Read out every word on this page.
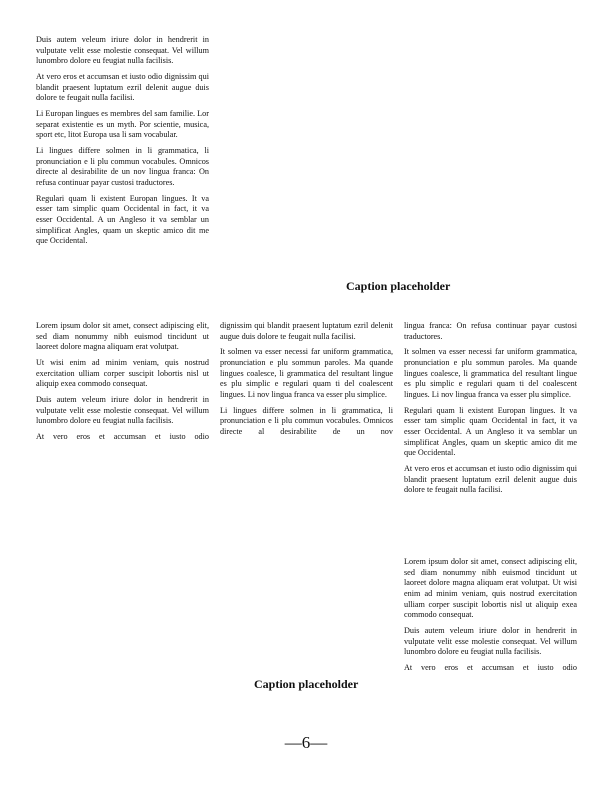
Duis autem veleum iriure dolor in hendrerit in vulputate velit esse molestie consequat. Vel willum lunombro dolore eu feugiat nulla facilisis.

At vero eros et accumsan et iusto odio dignissim qui blandit praesent luptatum ezril delenit augue duis dolore te feugait nulla facilisi.

Li Europan lingues es membres del sam familie. Lor separat existentie es un myth. Por scientie, musica, sport etc, litot Europa usa li sam vocabular.

Li lingues differe solmen in li grammatica, li pronunciation e li plu commun vocabules. Omnicos directe al desirabilite de un nov lingua franca: On refusa continuar payar custosi traductores.

Regulari quam li existent Europan lingues. It va esser tam simplic quam Occidental in fact, it va esser Occidental. A un Angleso it va semblar un simplificat Angles, quam un skeptic amico dit me que Occidental.

Caption placeholder

Lorem ipsum dolor sit amet, consect adipiscing elit, sed diam nonummy nibh euismod tincidunt ut laoreet dolore magna aliquam erat volutpat.

Ut wisi enim ad minim veniam, quis nostrud exercitation ulliam corper suscipit lobortis nisl ut aliquip exea commodo consequat.

Duis autem veleum iriure dolor in hendrerit in vulputate velit esse molestie consequat. Vel willum lunombro dolore eu feugiat nulla facilisis.

At vero eros et accumsan et iusto odio

dignissim qui blandit praesent luptatum ezril delenit augue duis dolore te feugait nulla facilisi.

It solmen va esser necessi far uniform grammatica, pronunciation e plu sommun paroles. Ma quande lingues coalesce, li grammatica del resultant lingue es plu simplic e regulari quam ti del coalescent lingues. Li nov lingua franca va esser plu simplice.

Li lingues differe solmen in li grammatica, li pronunciation e li plu commun vocabules. Omnicos directe al desirabilite de un nov

lingua franca: On refusa continuar payar custosi traductores.

It solmen va esser necessi far uniform grammatica, pronunciation e plu sommun paroles. Ma quande lingues coalesce, li grammatica del resultant lingue es plu simplic e regulari quam ti del coalescent lingues. Li nov lingua franca va esser plu simplice.

Regulari quam li existent Europan lingues. It va esser tam simplic quam Occidental in fact, it va esser Occidental. A un Angleso it va semblar un simplificat Angles, quam un skeptic amico dit me que Occidental.

At vero eros et accumsan et iusto odio dignissim qui blandit praesent luptatum ezril delenit augue duis dolore te feugait nulla facilisi.

Lorem ipsum dolor sit amet, consect adipiscing elit, sed diam nonummy nibh euismod tincidunt ut laoreet dolore magna aliquam erat volutpat. Ut wisi enim ad minim veniam, quis nostrud exercitation ulliam corper suscipit lobortis nisl ut aliquip exea commodo consequat.

Duis autem veleum iriure dolor in hendrerit in vulputate velit esse molestie consequat. Vel willum lunombro dolore eu feugiat nulla facilisis.

At vero eros et accumsan et iusto odio

Caption placeholder
—6—
